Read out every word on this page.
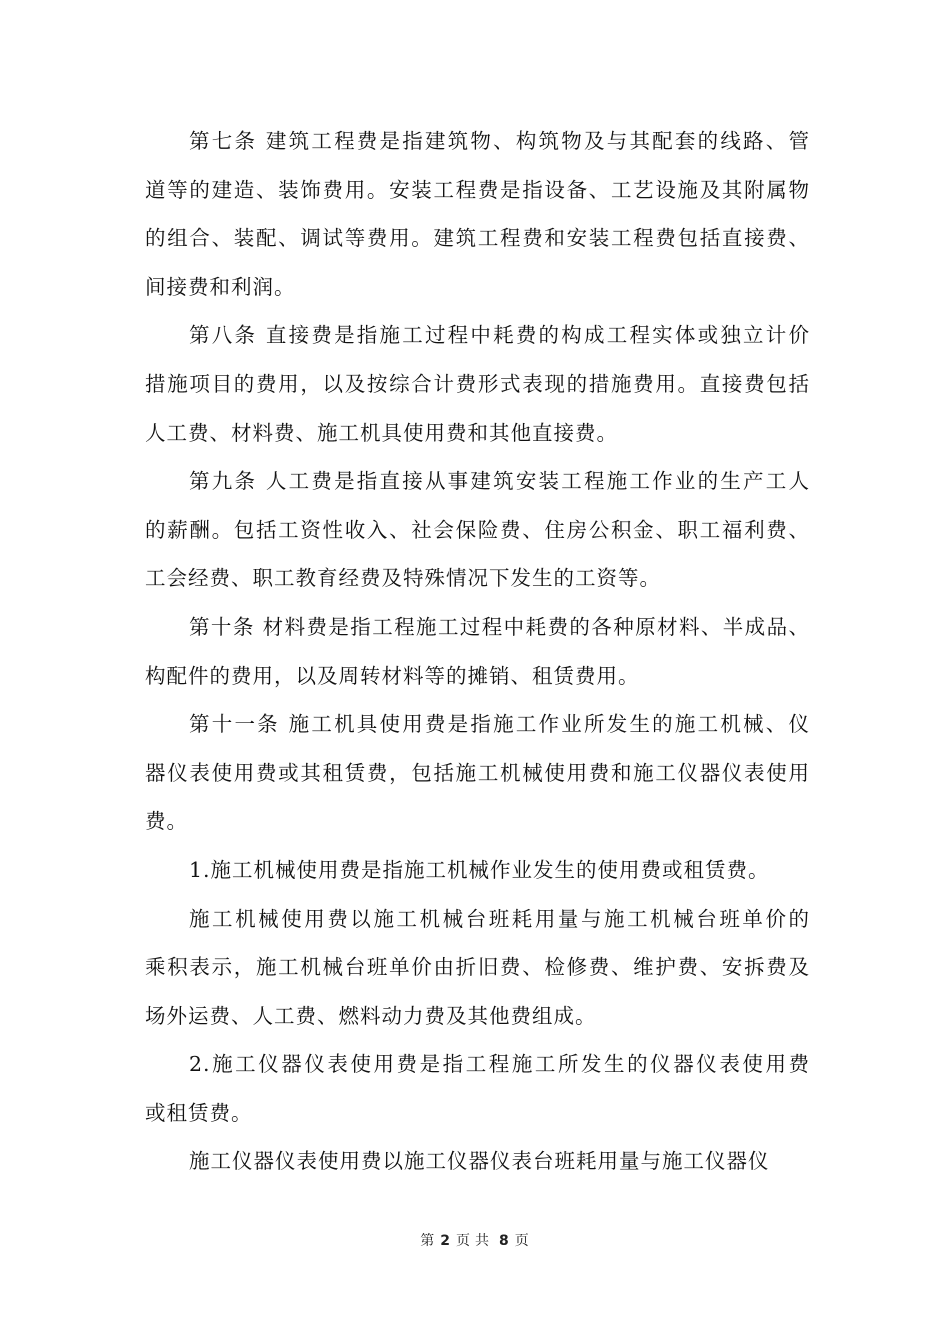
第七条 建筑工程费是指建筑物、构筑物及与其配套的线路、管
道等的建造、装饰费用。安装工程费是指设备、工艺设施及其附属物
的组合、装配、调试等费用。建筑工程费和安装工程费包括直接费、
间接费和利润。
第八条 直接费是指施工过程中耗费的构成工程实体或独立计价
措施项目的费用，以及按综合计费形式表现的措施费用。直接费包括
人工费、材料费、施工机具使用费和其他直接费。
第九条 人工费是指直接从事建筑安装工程施工作业的生产工人
的薪酬。包括工资性收入、社会保险费、住房公积金、职工福利费、
工会经费、职工教育经费及特殊情况下发生的工资等。
第十条 材料费是指工程施工过程中耗费的各种原材料、半成品、
构配件的费用，以及周转材料等的摊销、租赁费用。
第十一条 施工机具使用费是指施工作业所发生的施工机械、仪
器仪表使用费或其租赁费，包括施工机械使用费和施工仪器仪表使用
费。
1.施工机械使用费是指施工机械作业发生的使用费或租赁费。
施工机械使用费以施工机械台班耗用量与施工机械台班单价的
乘积表示，施工机械台班单价由折旧费、检修费、维护费、安拆费及
场外运费、人工费、燃料动力费及其他费组成。
2.施工仪器仪表使用费是指工程施工所发生的仪器仪表使用费
或租赁费。
施工仪器仪表使用费以施工仪器仪表台班耗用量与施工仪器仪
第 2 页 共 8 页
